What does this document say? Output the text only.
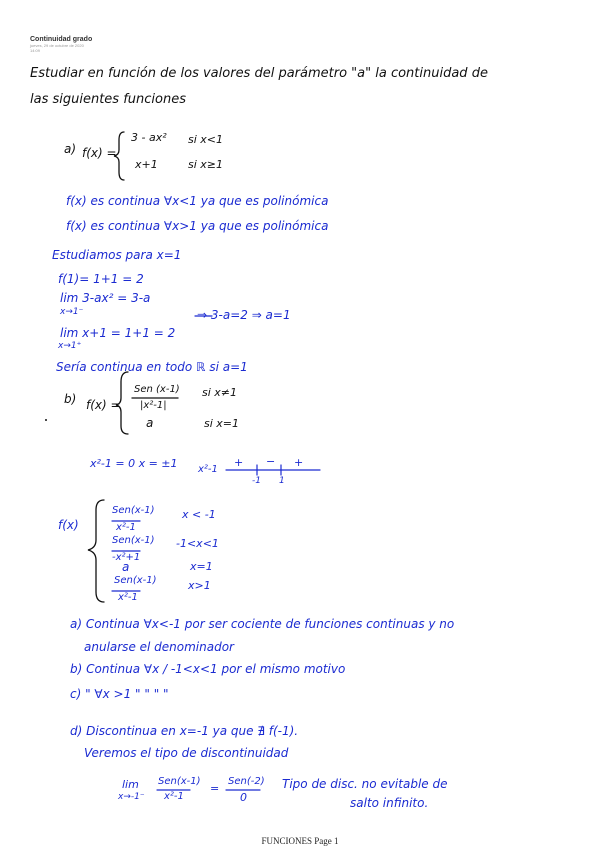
Continuidad grado
jueves, 29 de octubre de 2020
14:09
Estudiar en función de los valores del parámetro "a" la continuidad de
las siguientes funciones
a) f(x) =
3 - ax² si x<1
x+1	si x≥1
f(x) es continua ∀x<1 ya que es polinómica
f(x) es continua ∀x>1 ya que es polinómica
Estudiamos para x=1
f(1)= 1+1 = 2
lim 3-ax² = 3-a
x→1⁻
lim x+1 = 1+1 = 2
x→1⁺
⇒ 3-a=2 ⇒ a=1
Sería continua en todo ℝ si a=1
b) f(x) =
Sen (x-1)
|x²-1|
si x≠1
a	si x=1
x²-1 = 0 x = ±1 x²-1
+ − +
-1 1
f(x)
Sen(x-1)
x²-1
x < -1
Sen(x-1)
-x²+1
-1<x<1
a	x=1
Sen(x-1)
x²-1
x>1
a) Continua ∀x<-1 por ser cociente de funciones continuas y no
anularse el denominador
b) Continua ∀x / -1<x<1 por el mismo motivo
c) " ∀x >1 " " " "
d) Discontinua en x=-1 ya que ∄ f(-1).
Veremos el tipo de discontinuidad
lim
x→-1⁻
Sen(x-1)
x²-1
=
Sen(-2)
0
Tipo de disc. no evitable de
salto infinito.
FUNCIONES Page 1
